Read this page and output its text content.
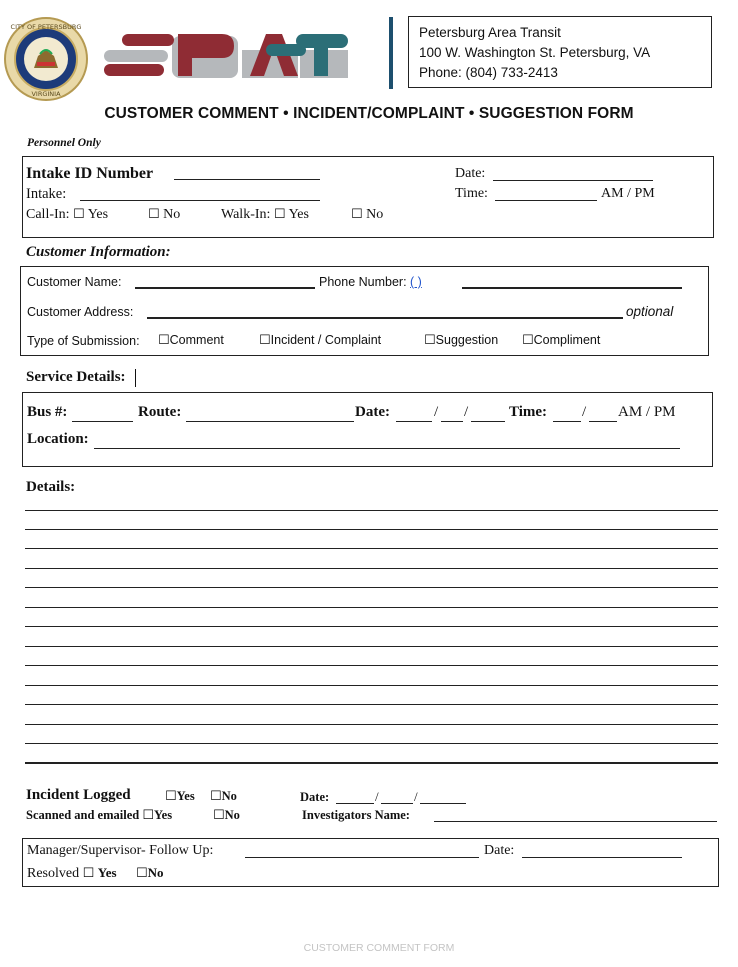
CITY OF PETERSBURG
VIRGINIA
PAT	Petersburg Area Transit
100 W. Washington St. Petersburg, VA
Phone: (804) 733-2413
CUSTOMER COMMENT • INCIDENT/COMPLAINT • SUGGESTION FORM
Personnel Only
Intake ID Number	Date:
Intake:	Time:	AM / PM
Call-In: ☐ Yes	☐ No	Walk-In: ☐ Yes	☐ No
Customer Information:
Customer Name:	Phone Number: ( )
Customer Address:	optional
Type of Submission: ☐Comment	☐Incident / Complaint	☐Suggestion ☐Compliment
Service Details:
Bus #:	Route:	Date:	/ /	Time: / AM / PM
Location:
Details:
Incident Logged	☐Yes ☐No	Date:	/	/
Scanned and emailed ☐Yes	☐No	Investigators Name:
Manager/Supervisor- Follow Up:	Date:
Resolved ☐ Yes ☐No
CUSTOMER COMMENT FORM
